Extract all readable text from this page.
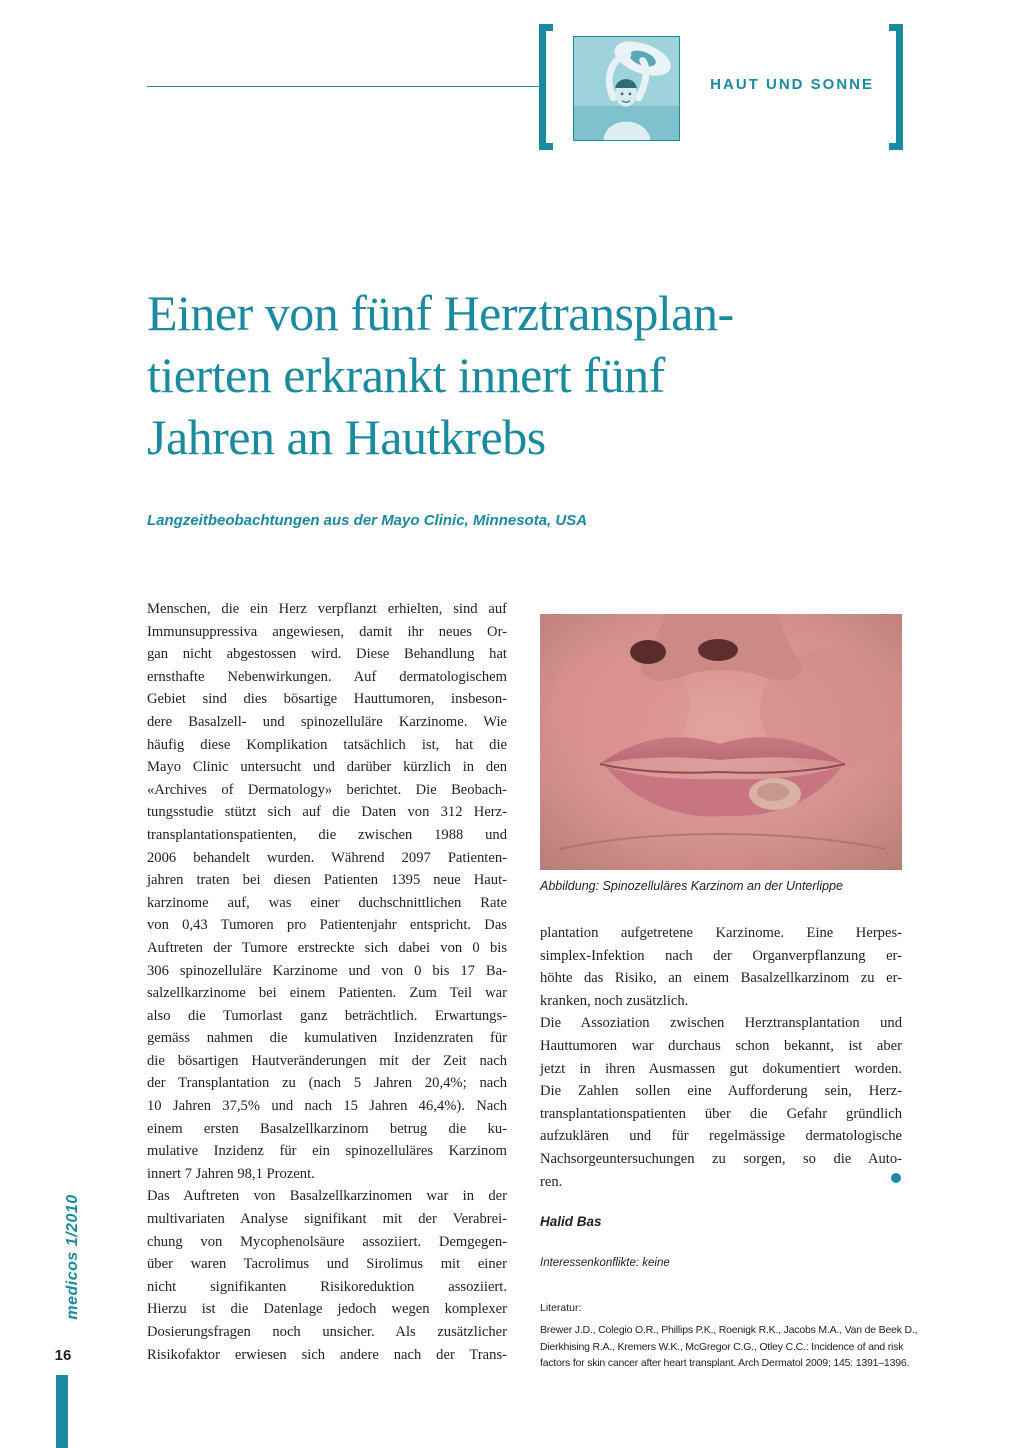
HAUT UND SONNE
Einer von fünf Herztransplan-
tierten erkrankt innert fünf
Jahren an Hautkrebs
Langzeitbeobachtungen aus der Mayo Clinic, Minnesota, USA
Menschen, die ein Herz verpflanzt erhielten, sind auf
Immunsuppressiva angewiesen, damit ihr neues Or-
gan nicht abgestossen wird. Diese Behandlung hat
ernsthafte Nebenwirkungen. Auf dermatologischem
Gebiet sind dies bösartige Hauttumoren, insbeson-
dere Basalzell- und spinozelluläre Karzinome. Wie
häufig diese Komplikation tatsächlich ist, hat die
Mayo Clinic untersucht und darüber kürzlich in den
«Archives of Dermatology» berichtet. Die Beobach-
tungsstudie stützt sich auf die Daten von 312 Herz-
transplantationspatienten, die zwischen 1988 und
2006 behandelt wurden. Während 2097 Patienten-
jahren traten bei diesen Patienten 1395 neue Haut-
karzinome auf, was einer duchschnittlichen Rate
von 0,43 Tumoren pro Patientenjahr entspricht. Das
Auftreten der Tumore erstreckte sich dabei von 0 bis
306 spinozelluläre Karzinome und von 0 bis 17 Ba-
salzellkarzinome bei einem Patienten. Zum Teil war
also die Tumorlast ganz beträchtlich. Erwartungs-
gemäss nahmen die kumulativen Inzidenzraten für
die bösartigen Hautveränderungen mit der Zeit nach
der Transplantation zu (nach 5 Jahren 20,4%; nach
10 Jahren 37,5% und nach 15 Jahren 46,4%). Nach
einem ersten Basalzellkarzinom betrug die ku-
mulative Inzidenz für ein spinozelluläres Karzinom
innert 7 Jahren 98,1 Prozent.
Das Auftreten von Basalzellkarzinomen war in der
multivariaten Analyse signifikant mit der Verabrei-
chung von Mycophenolsäure assoziiert. Demgegen-
über waren Tacrolimus und Sirolimus mit einer
nicht signifikanten Risikoreduktion assoziiert.
Hierzu ist die Datenlage jedoch wegen komplexer
Dosierungsfragen noch unsicher. Als zusätzlicher
Risikofaktor erwiesen sich andere nach der Trans-
Abbildung: Spinozelluläres Karzinom an der Unterlippe
plantation aufgetretene Karzinome. Eine Herpes-
simplex-Infektion nach der Organverpflanzung er-
höhte das Risiko, an einem Basalzellkarzinom zu er-
kranken, noch zusätzlich.
Die Assoziation zwischen Herztransplantation und
Hauttumoren war durchaus schon bekannt, ist aber
jetzt in ihren Ausmassen gut dokumentiert worden.
Die Zahlen sollen eine Aufforderung sein, Herz-
transplantationspatienten über die Gefahr gründlich
aufzuklären und für regelmässige dermatologische
Nachsorgeuntersuchungen zu sorgen, so die Auto-
ren.
Halid Bas
Interessenkonflikte: keine
Literatur:
Brewer J.D., Colegio O.R., Phillips P.K., Roenigk R.K., Jacobs M.A., Van de Beek D.,
Dierkhising R.A., Kremers W.K., McGregor C.G., Otley C.C.: Incidence of and risk
factors for skin cancer after heart transplant. Arch Dermatol 2009; 145: 1391–1396.
medicos 1/2010
16
